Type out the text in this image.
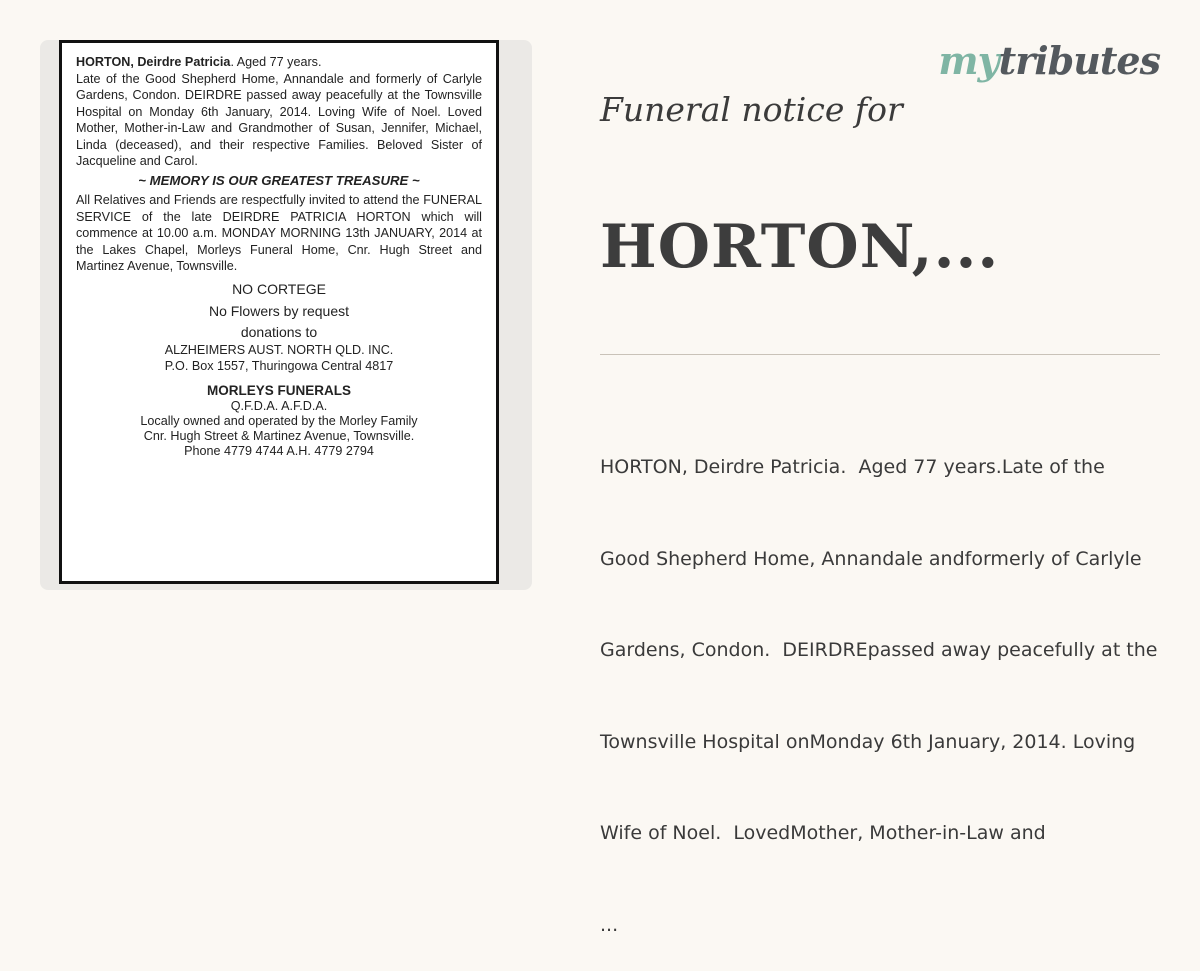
HORTON, Deirdre Patricia. Aged 77 years.

Late of the Good Shepherd Home, Annandale and formerly of Carlyle Gardens, Condon. DEIRDRE passed away peacefully at the Townsville Hospital on Monday 6th January, 2014. Loving Wife of Noel. Loved Mother, Mother-in-Law and Grandmother of Susan, Jennifer, Michael, Linda (deceased), and their respective Families. Beloved Sister of Jacqueline and Carol.

~ MEMORY IS OUR GREATEST TREASURE ~

All Relatives and Friends are respectfully invited to attend the FUNERAL SERVICE of the late DEIRDRE PATRICIA HORTON which will commence at 10.00 a.m. MONDAY MORNING 13th JANUARY, 2014 at the Lakes Chapel, Morleys Funeral Home, Cnr. Hugh Street and Martinez Avenue, Townsville.

NO CORTEGE

No Flowers by request

donations to

ALZHEIMERS AUST. NORTH QLD. INC.

P.O. Box 1557, Thuringowa Central 4817

MORLEYS FUNERALS

Q.F.D.A. A.F.D.A.

Locally owned and operated by the Morley Family

Cnr. Hugh Street & Martinez Avenue, Townsville.

Phone 4779 4744 A.H. 4779 2794

mytributes
Funeral notice for
HORTON,...

HORTON, Deirdre Patricia.  Aged 77 years.Late of the

Good Shepherd Home, Annandale andformerly of Carlyle

Gardens, Condon.  DEIRDREpassed away peacefully at the

Townsville Hospital onMonday 6th January, 2014. Loving

Wife of Noel.  LovedMother, Mother-in-Law and

...
